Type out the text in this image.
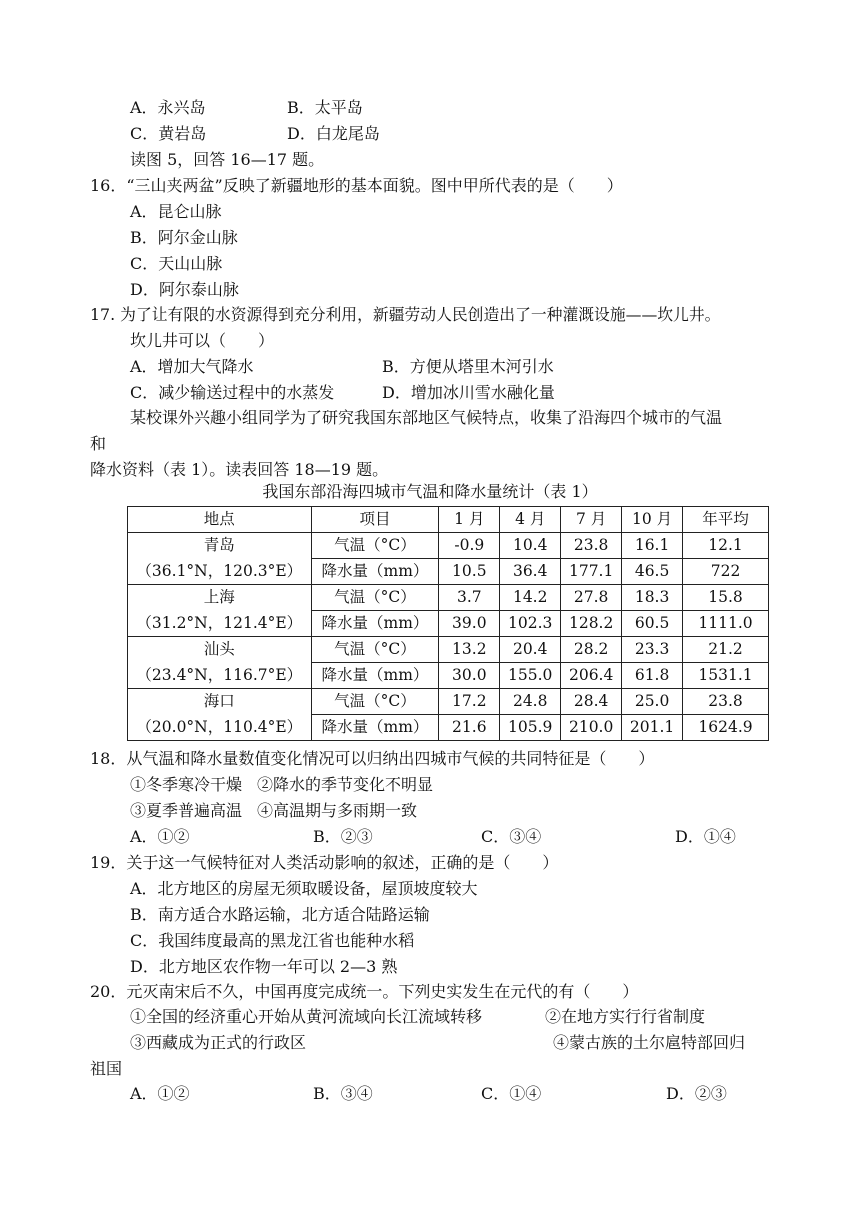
A．永兴岛	B．太平岛
C．黄岩岛	D．白龙尾岛
读图 5，回答 16—17 题。
16．“三山夹两盆”反映了新疆地形的基本面貌。图中甲所代表的是（　　）
A．昆仑山脉
B．阿尔金山脉
C．天山山脉
D．阿尔泰山脉
17. 为了让有限的水资源得到充分利用，新疆劳动人民创造出了一种灌溉设施——坎儿井。
坎儿井可以（　　）
A．增加大气降水	B．方便从塔里木河引水
C．减少输送过程中的水蒸发	D．增加冰川雪水融化量
某校课外兴趣小组同学为了研究我国东部地区气候特点，收集了沿海四个城市的气温
和
降水资料（表 1）。读表回答 18—19 题。
我国东部沿海四城市气温和降水量统计（表 1）
地点	项目	1 月	4 月	7 月	10 月	年平均
青岛	气温（°C）	-0.9	10.4	23.8	16.1	12.1
（36.1°N，120.3°E）	降水量（mm）	10.5	36.4	177.1	46.5	722
上海	气温（°C）	3.7	14.2	27.8	18.3	15.8
（31.2°N，121.4°E）	降水量（mm）	39.0	102.3	128.2	60.5	1111.0
汕头	气温（°C）	13.2	20.4	28.2	23.3	21.2
（23.4°N，116.7°E）	降水量（mm）	30.0	155.0	206.4	61.8	1531.1
海口	气温（°C）	17.2	24.8	28.4	25.0	23.8
（20.0°N，110.4°E）	降水量（mm）	21.6	105.9	210.0	201.1	1624.9
18．从气温和降水量数值变化情况可以归纳出四城市气候的共同特征是（　　）
①冬季寒冷干燥 ②降水的季节变化不明显
③夏季普遍高温 ④高温期与多雨期一致
A．①②	B．②③	C．③④	D．①④
19．关于这一气候特征对人类活动影响的叙述，正确的是（　　）
A．北方地区的房屋无须取暖设备，屋顶坡度较大
B．南方适合水路运输，北方适合陆路运输
C．我国纬度最高的黑龙江省也能种水稻
D．北方地区农作物一年可以 2—3 熟
20．元灭南宋后不久，中国再度完成统一。下列史实发生在元代的有（　　）
①全国的经济重心开始从黄河流域向长江流域转移	②在地方实行行省制度
③西藏成为正式的行政区	④蒙古族的土尔扈特部回归
祖国
A．①②	B．③④	C．①④	D．②③
